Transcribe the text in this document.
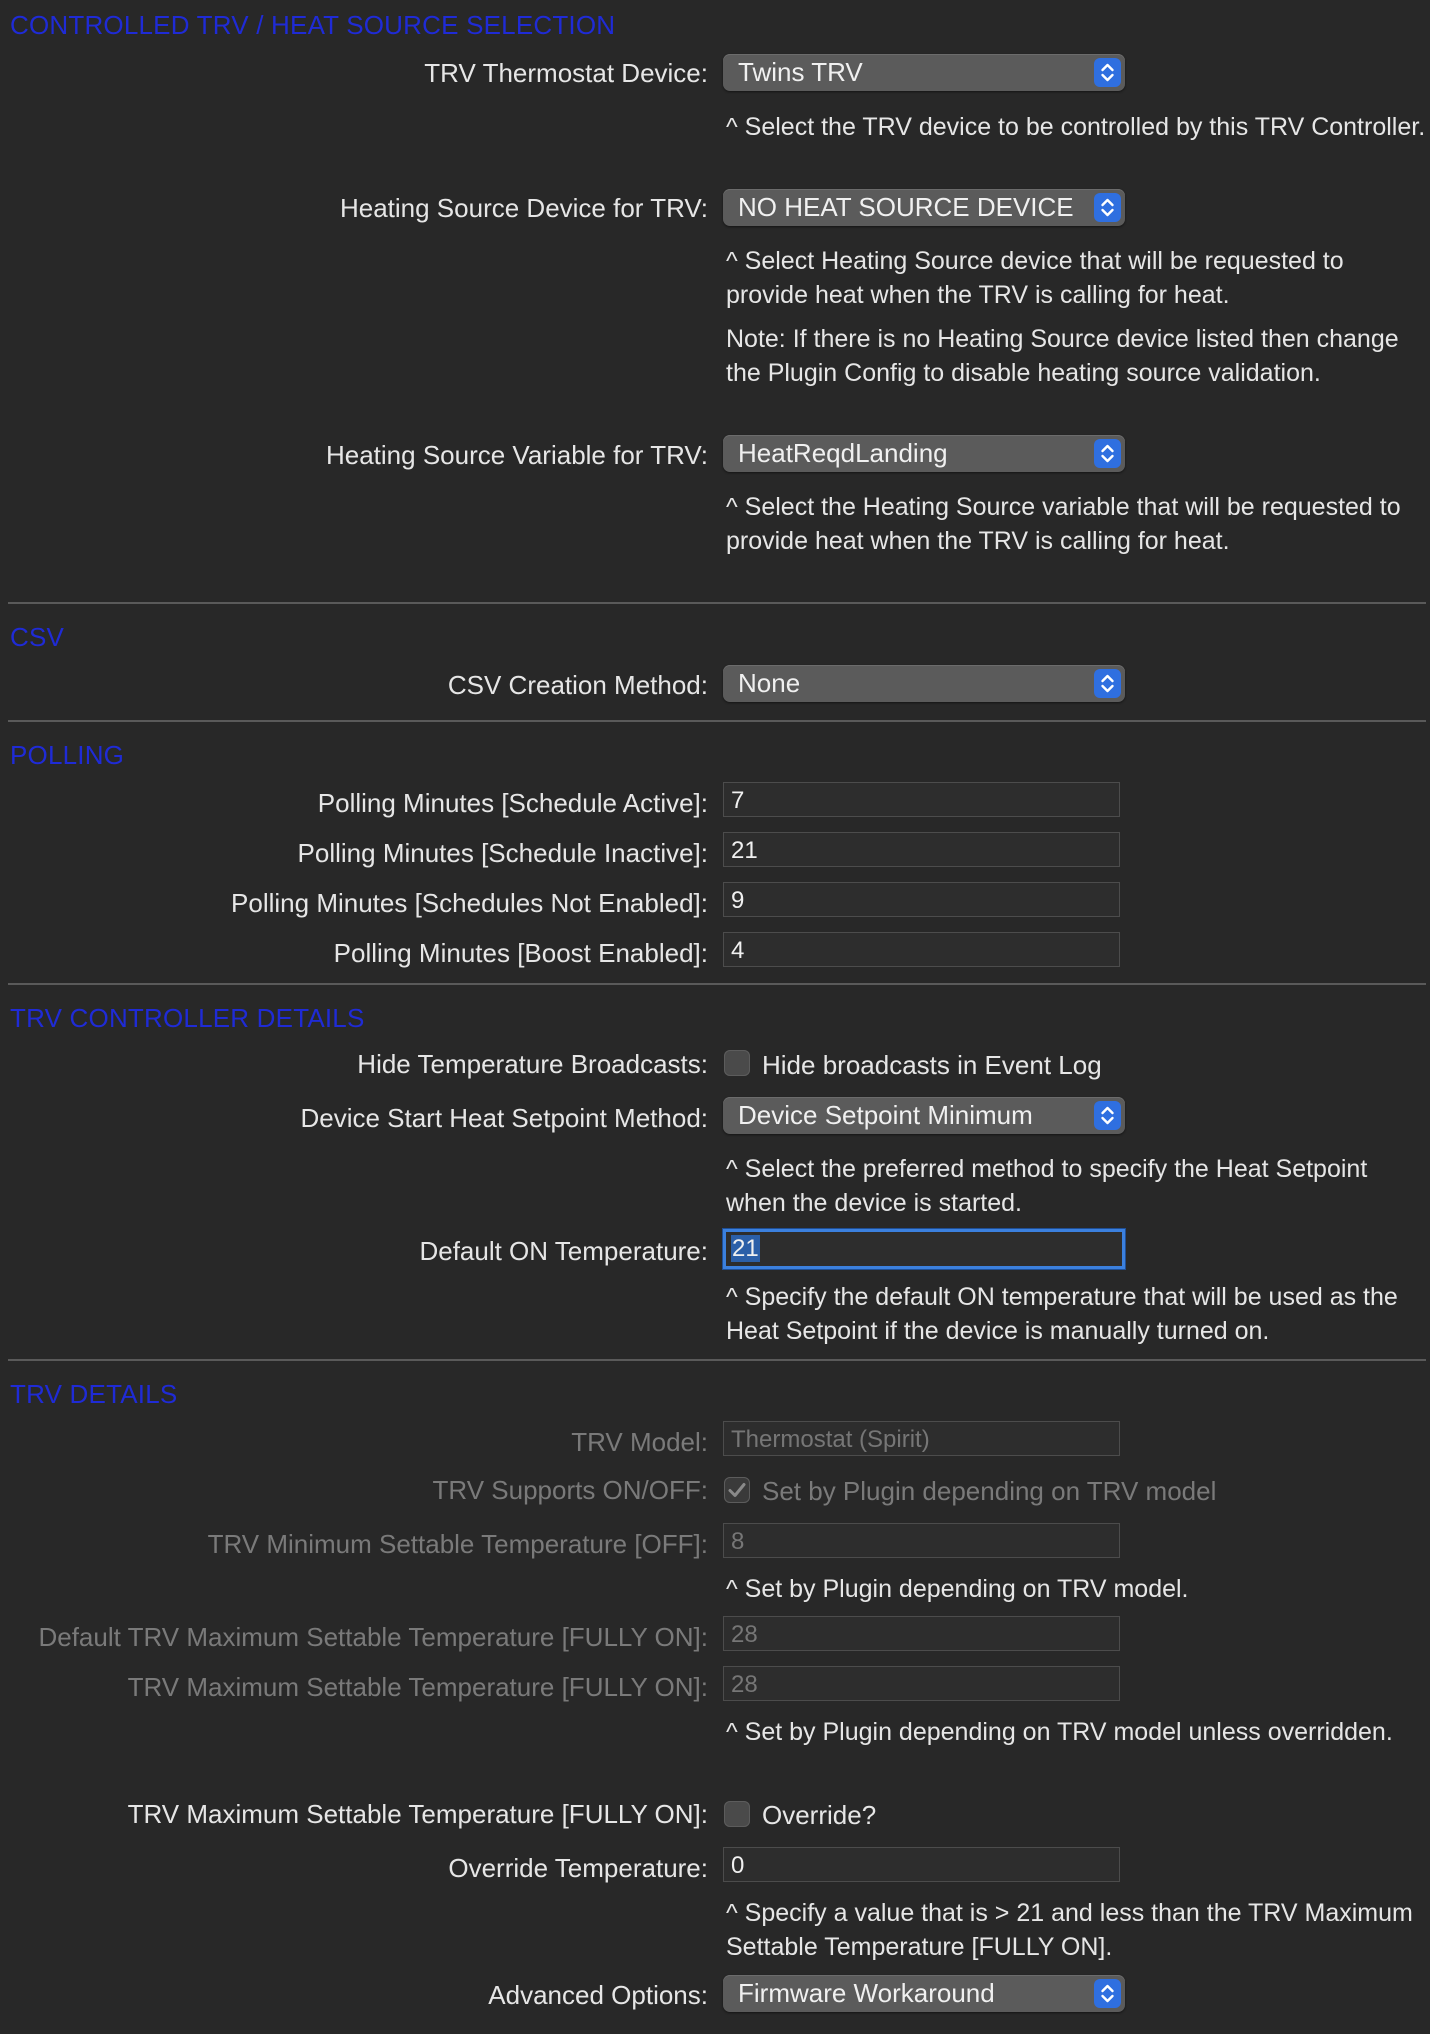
CONTROLLED TRV / HEAT SOURCE SELECTION
TRV Thermostat Device: Twins TRV
^ Select the TRV device to be controlled by this TRV Controller.
Heating Source Device for TRV: NO HEAT SOURCE DEVICE
^ Select Heating Source device that will be requested to provide heat when the TRV is calling for heat.
Note: If there is no Heating Source device listed then change the Plugin Config to disable heating source validation.
Heating Source Variable for TRV: HeatReqdLanding
^ Select the Heating Source variable that will be requested to provide heat when the TRV is calling for heat.
CSV
CSV Creation Method: None
POLLING
Polling Minutes [Schedule Active]: 7
Polling Minutes [Schedule Inactive]: 21
Polling Minutes [Schedules Not Enabled]: 9
Polling Minutes [Boost Enabled]: 4
TRV CONTROLLER DETAILS
Hide Temperature Broadcasts: Hide broadcasts in Event Log
Device Start Heat Setpoint Method: Device Setpoint Minimum
^ Select the preferred method to specify the Heat Setpoint when the device is started.
Default ON Temperature: 21
^ Specify the default ON temperature that will be used as the Heat Setpoint if the device is manually turned on.
TRV DETAILS
TRV Model: Thermostat (Spirit)
TRV Supports ON/OFF: Set by Plugin depending on TRV model
TRV Minimum Settable Temperature [OFF]: 8
^ Set by Plugin depending on TRV model.
Default TRV Maximum Settable Temperature [FULLY ON]: 28
TRV Maximum Settable Temperature [FULLY ON]: 28
^ Set by Plugin depending on TRV model unless overridden.
TRV Maximum Settable Temperature [FULLY ON]: Override?
Override Temperature: 0
^ Specify a value that is > 21 and less than the TRV Maximum Settable Temperature [FULLY ON].
Advanced Options: Firmware Workaround
